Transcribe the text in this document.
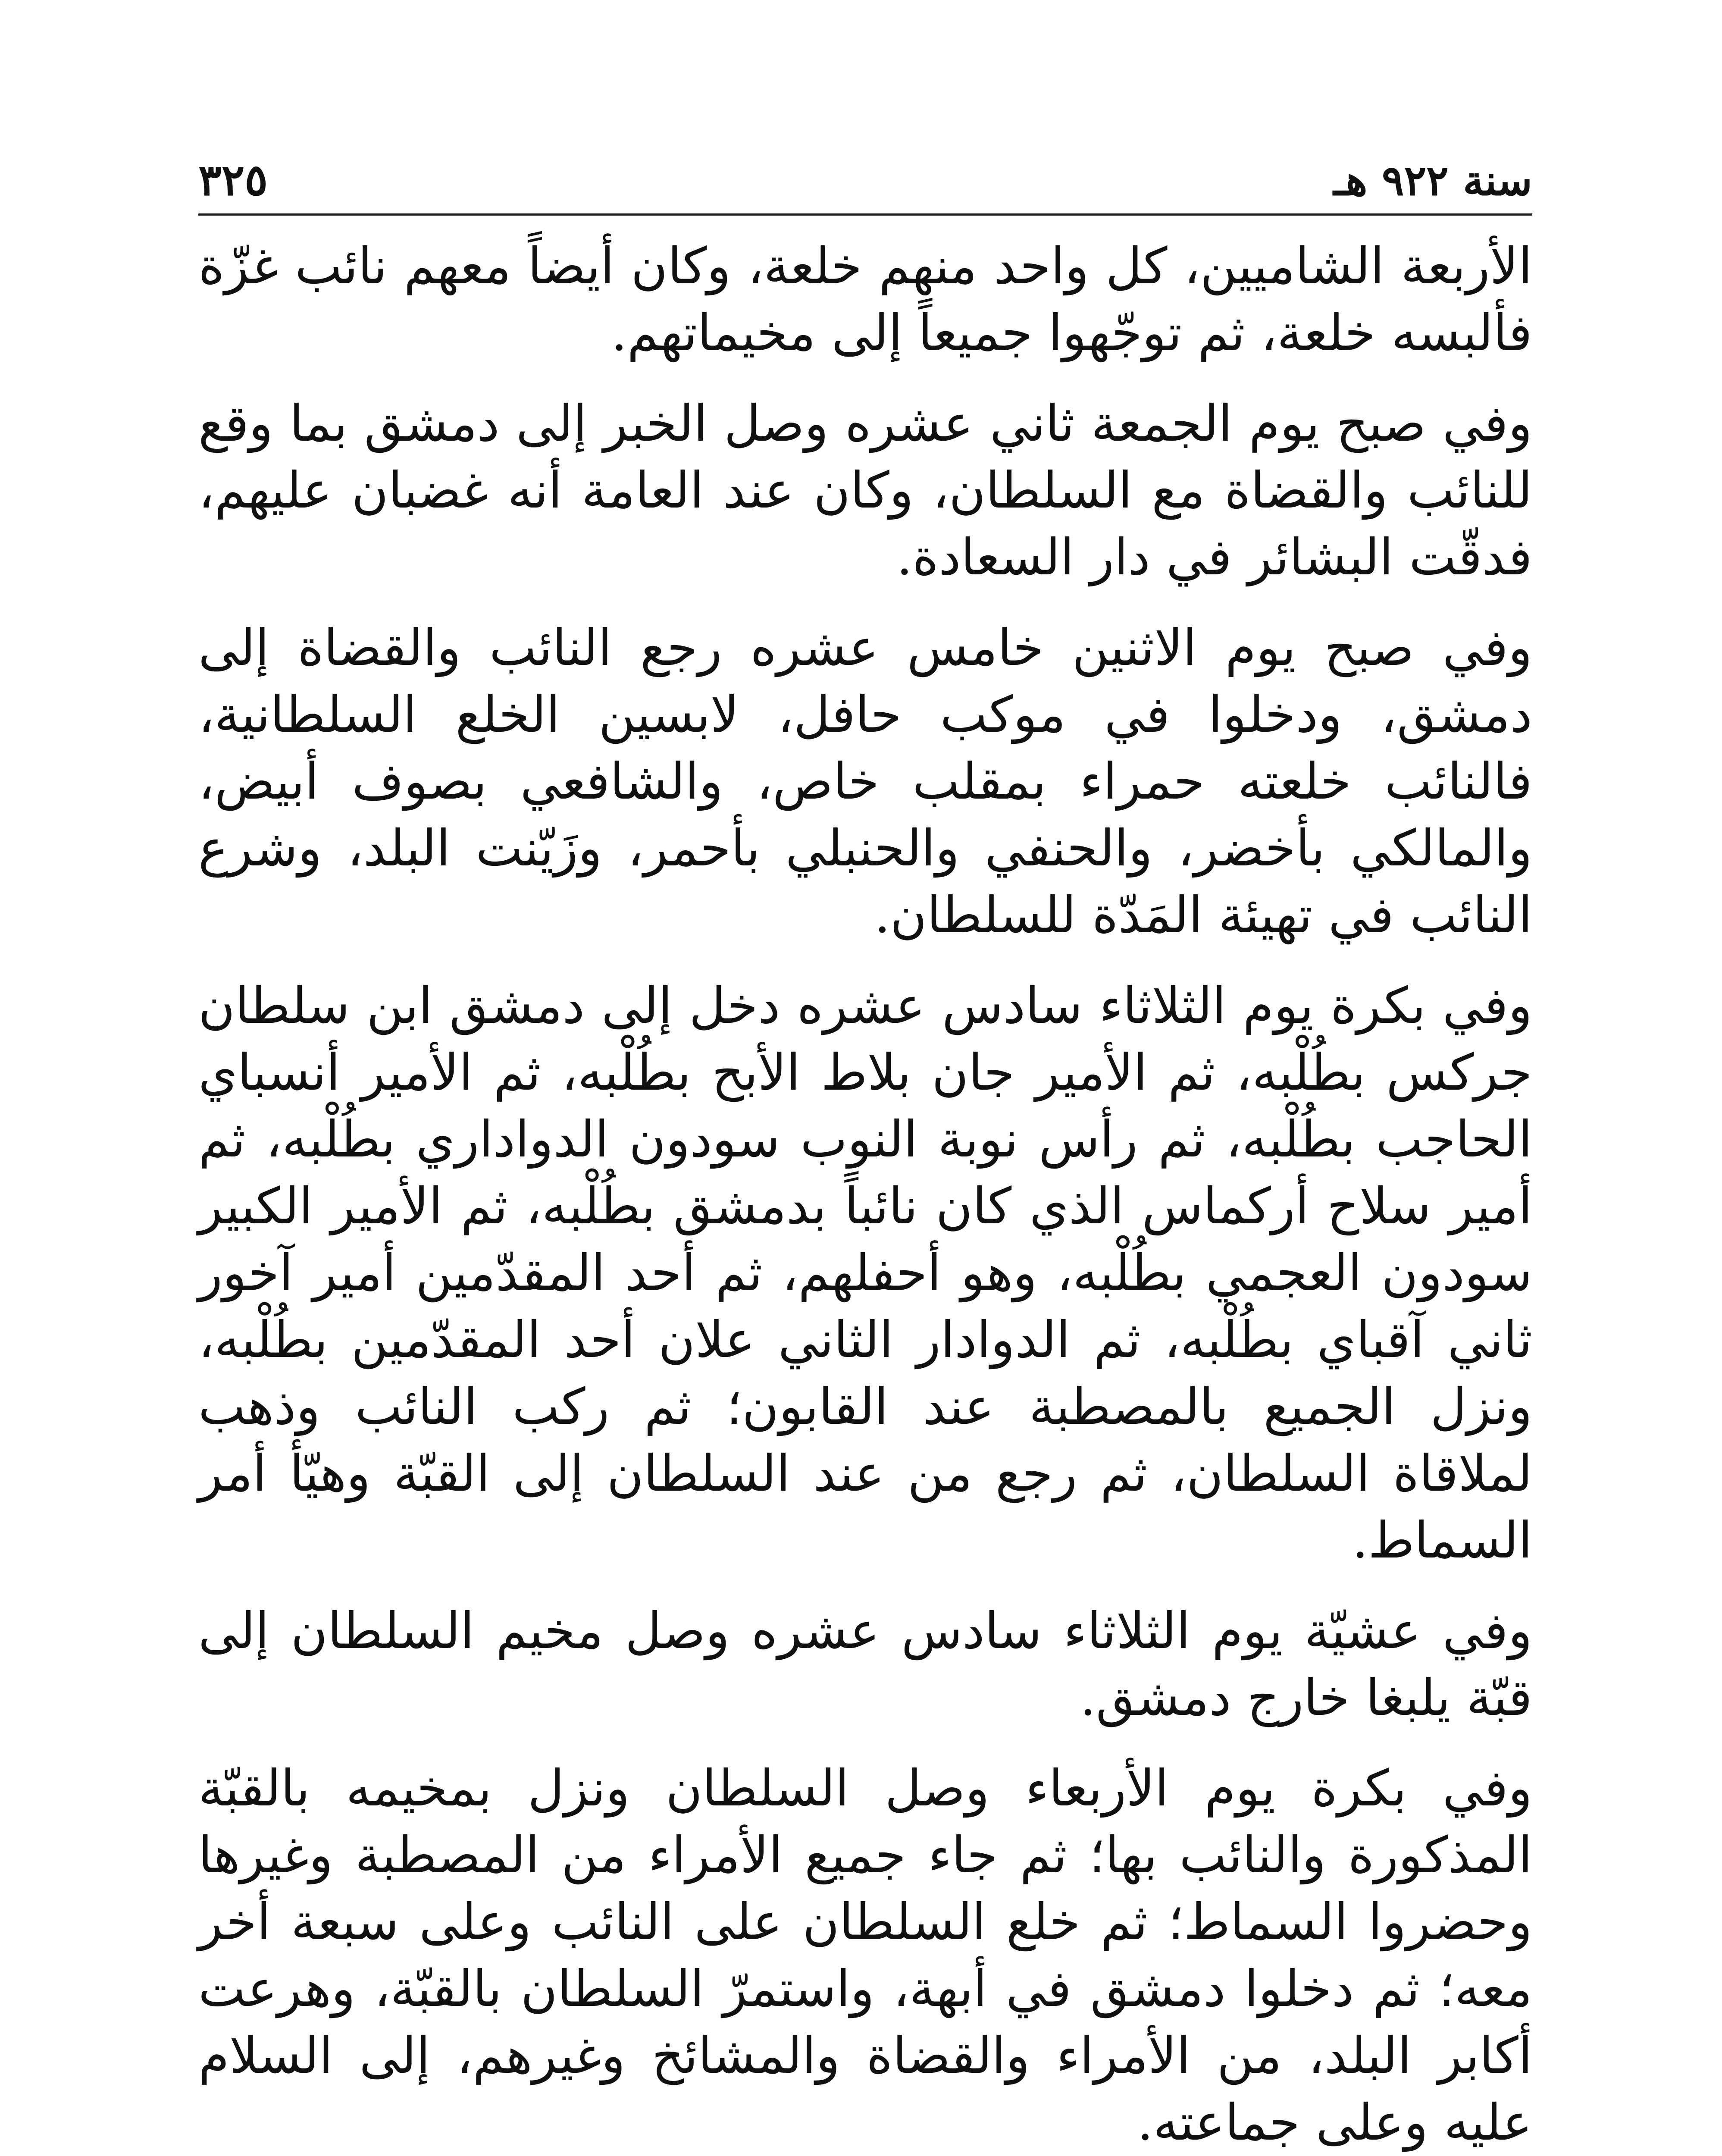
سنة ٩٢٢ هـ
٣٢٥

الأربعة الشاميين، كل واحد منهم خلعة، وكان أيضاً معهم نائب غزّة فألبسه خلعة، ثم توجّهوا جميعاً إلى مخيماتهم.

وفي صبح يوم الجمعة ثاني عشره وصل الخبر إلى دمشق بما وقع للنائب والقضاة مع السلطان، وكان عند العامة أنه غضبان عليهم، فدقّت البشائر في دار السعادة.

وفي صبح يوم الاثنين خامس عشره رجع النائب والقضاة إلى دمشق، ودخلوا في موكب حافل، لابسين الخلع السلطانية، فالنائب خلعته حمراء بمقلب خاص، والشافعي بصوف أبيض، والمالكي بأخضر، والحنفي والحنبلي بأحمر، وزَيّنت البلد، وشرع النائب في تهيئة المَدّة للسلطان.

وفي بكرة يوم الثلاثاء سادس عشره دخل إلى دمشق ابن سلطان جركس بطُلْبه، ثم الأمير جان بلاط الأبح بطُلْبه، ثم الأمير أنسباي الحاجب بطُلْبه، ثم رأس نوبة النوب سودون الدواداري بطُلْبه، ثم أمير سلاح أركماس الذي كان نائباً بدمشق بطُلْبه، ثم الأمير الكبير سودون العجمي بطُلْبه، وهو أحفلهم، ثم أحد المقدّمين أمير آخور ثاني آقباي بطُلْبه، ثم الدوادار الثاني علان أحد المقدّمين بطُلْبه، ونزل الجميع بالمصطبة عند القابون؛ ثم ركب النائب وذهب لملاقاة السلطان، ثم رجع من عند السلطان إلى القبّة وهيّأ أمر السماط.

وفي عشيّة يوم الثلاثاء سادس عشره وصل مخيم السلطان إلى قبّة يلبغا خارج دمشق.

وفي بكرة يوم الأربعاء وصل السلطان ونزل بمخيمه بالقبّة المذكورة والنائب بها؛ ثم جاء جميع الأمراء من المصطبة وغيرها وحضروا السماط؛ ثم خلع السلطان على النائب وعلى سبعة أخر معه؛ ثم دخلوا دمشق في أبهة، واستمرّ السلطان بالقبّة، وهرعت أكابر البلد، من الأمراء والقضاة والمشائخ وغيرهم، إلى السلام عليه وعلى جماعته.
